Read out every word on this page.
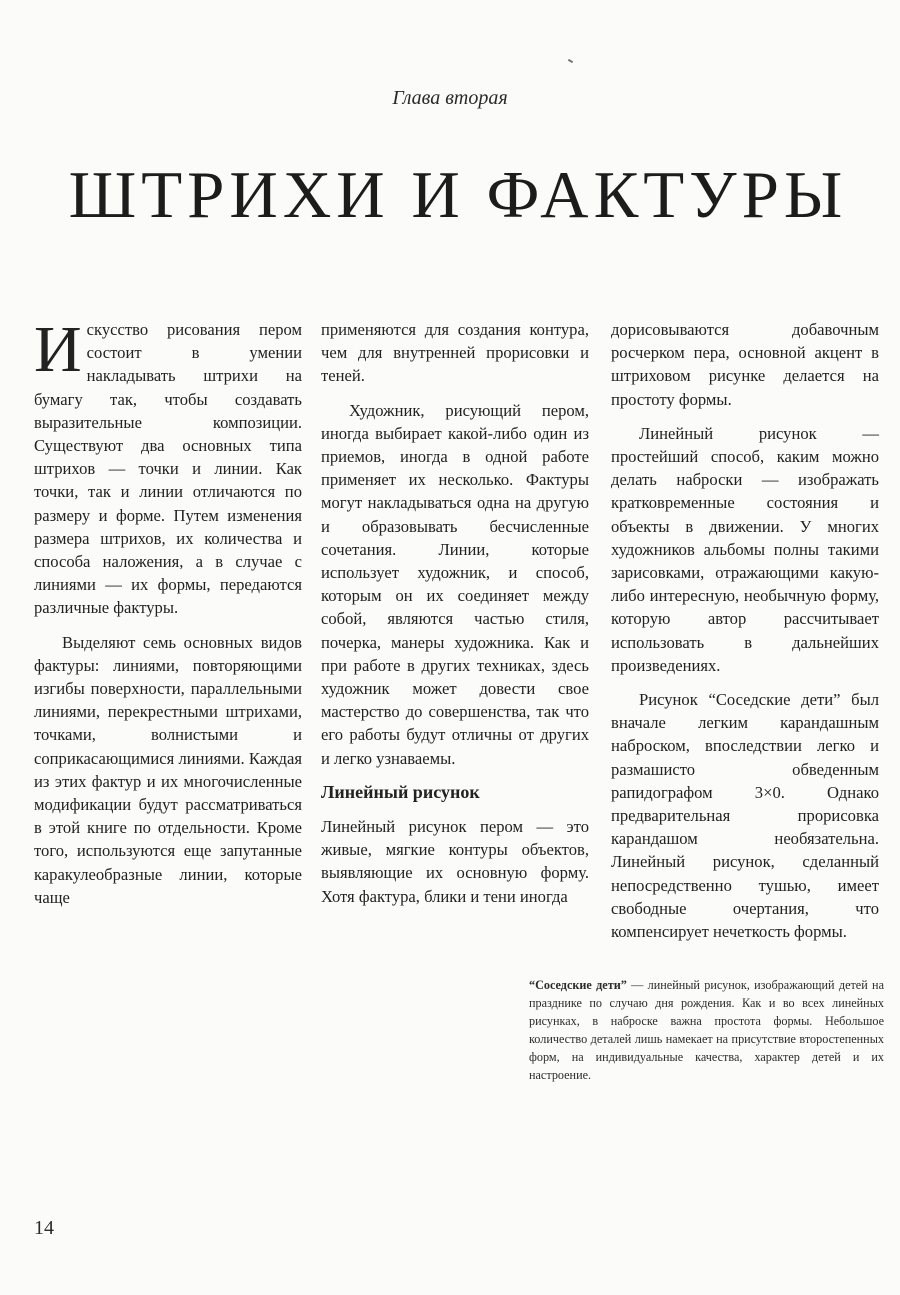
Глава вторая
ШТРИХИ И ФАКТУРЫ

Искусство рисования пером состоит в умении накладывать штрихи на бумагу так, чтобы создавать выразительные композиции. Существуют два основных типа штрихов — точки и линии. Как точки, так и линии отличаются по размеру и форме. Путем изменения размера штрихов, их количества и способа наложения, а в случае с линиями — их формы, передаются различные фактуры.

Выделяют семь основных видов фактуры: линиями, повторяющими изгибы поверхности, параллельными линиями, перекрестными штрихами, точками, волнистыми и соприкасающимися линиями. Каждая из этих фактур и их многочисленные модификации будут рассматриваться в этой книге по отдельности. Кроме того, используются еще запутанные каракулеобразные линии, которые чаще

применяются для создания контура, чем для внутренней прорисовки и теней.

Художник, рисующий пером, иногда выбирает какой-либо один из приемов, иногда в одной работе применяет их несколько. Фактуры могут накладываться одна на другую и образовывать бесчисленные сочетания. Линии, которые использует художник, и способ, которым он их соединяет между собой, являются частью стиля, почерка, манеры художника. Как и при работе в других техниках, здесь художник может довести свое мастерство до совершенства, так что его работы будут отличны от других и легко узнаваемы.

Линейный рисунок

Линейный рисунок пером — это живые, мягкие контуры объектов, выявляющие их основную форму. Хотя фактура, блики и тени иногда

дорисовываются добавочным росчерком пера, основной акцент в штриховом рисунке делается на простоту формы.

Линейный рисунок — простейший способ, каким можно делать наброски — изображать кратковременные состояния и объекты в движении. У многих художников альбомы полны такими зарисовками, отражающими какую-либо интересную, необычную форму, которую автор рассчитывает использовать в дальнейших произведениях.

Рисунок “Соседские дети” был вначале легким карандашным наброском, впоследствии легко и размашисто обведенным рапидографом 3×0. Однако предварительная прорисовка карандашом необязательна. Линейный рисунок, сделанный непосредственно тушью, имеет свободные очертания, что компенсирует нечеткость формы.

“Соседские дети” — линейный рисунок, изображающий детей на празднике по случаю дня рождения. Как и во всех линейных рисунках, в наброске важна простота формы. Небольшое количество деталей лишь намекает на присутствие второстепенных форм, на индивидуальные качества, характер детей и их настроение.
14
